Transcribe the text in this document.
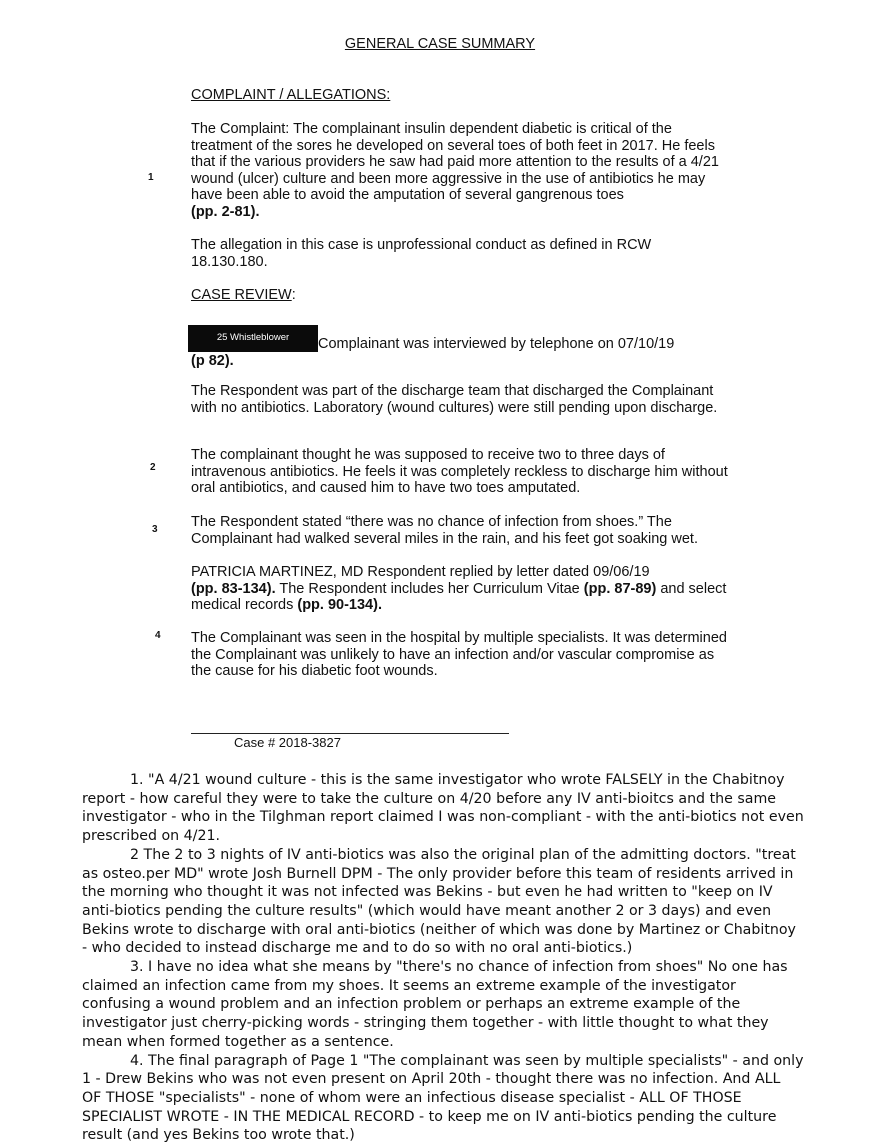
GENERAL CASE SUMMARY
COMPLAINT / ALLEGATIONS:
The Complaint: The complainant insulin dependent diabetic is critical of the treatment of the sores he developed on several toes of both feet in 2017. He feels that if the various providers he saw had paid more attention to the results of a 4/21 wound (ulcer) culture and been more aggressive in the use of antibiotics he may have been able to avoid the amputation of several gangrenous toes
(pp. 2-81).
1
The allegation in this case is unprofessional conduct as defined in RCW 18.130.180.
CASE REVIEW:
25 Whistleblower	Complainant was interviewed by telephone on 07/10/19
(p 82).
The Respondent was part of the discharge team that discharged the Complainant with no antibiotics. Laboratory (wound cultures) were still pending upon discharge.
The complainant thought he was supposed to receive two to three days of intravenous antibiotics. He feels it was completely reckless to discharge him without oral antibiotics, and caused him to have two toes amputated.
2
The Respondent stated “there was no chance of infection from shoes.” The Complainant had walked several miles in the rain, and his feet got soaking wet.
3
PATRICIA MARTINEZ, MD Respondent replied by letter dated 09/06/19
(pp. 83-134). The Respondent includes her Curriculum Vitae (pp. 87-89) and select medical records (pp. 90-134).
The Complainant was seen in the hospital by multiple specialists. It was determined the Complainant was unlikely to have an infection and/or vascular compromise as the cause for his diabetic foot wounds.
4
Case # 2018-3827

1. "A 4/21 wound culture - this is the same investigator who wrote FALSELY in the Chabitnoy report - how careful they were to take the culture on 4/20 before any IV anti-bioitcs and the same investigator - who in the Tilghman report claimed I was non-compliant - with the anti-biotics not even prescribed on 4/21.

2 The 2 to 3 nights of IV anti-biotics was also the original plan of the admitting doctors. "treat as osteo.per MD" wrote Josh Burnell DPM - The only provider before this team of residents arrived in the morning who thought it was not infected was Bekins - but even he had written to "keep on IV anti-biotics pending the culture results" (which would have meant another 2 or 3 days) and even Bekins wrote to discharge with oral anti-biotics (neither of which was done by Martinez or Chabitnoy - who decided to instead discharge me and to do so with no oral anti-biotics.)

3. I have no idea what she means by "there's no chance of infection from shoes" No one has claimed an infection came from my shoes. It seems an extreme example of the investigator confusing a wound problem and an infection problem or perhaps an extreme example of the investigator just cherry-picking words - stringing them together - with little thought to what they mean when formed together as a sentence.

4. The final paragraph of Page 1 "The complainant was seen by multiple specialists" - and only 1 - Drew Bekins who was not even present on April 20th - thought there was no infection. And ALL OF THOSE "specialists" - none of whom were an infectious disease specialist - ALL OF THOSE SPECIALIST WROTE - IN THE MEDICAL RECORD - to keep me on IV anti-biotics pending the culture result (and yes Bekins too wrote that.)
